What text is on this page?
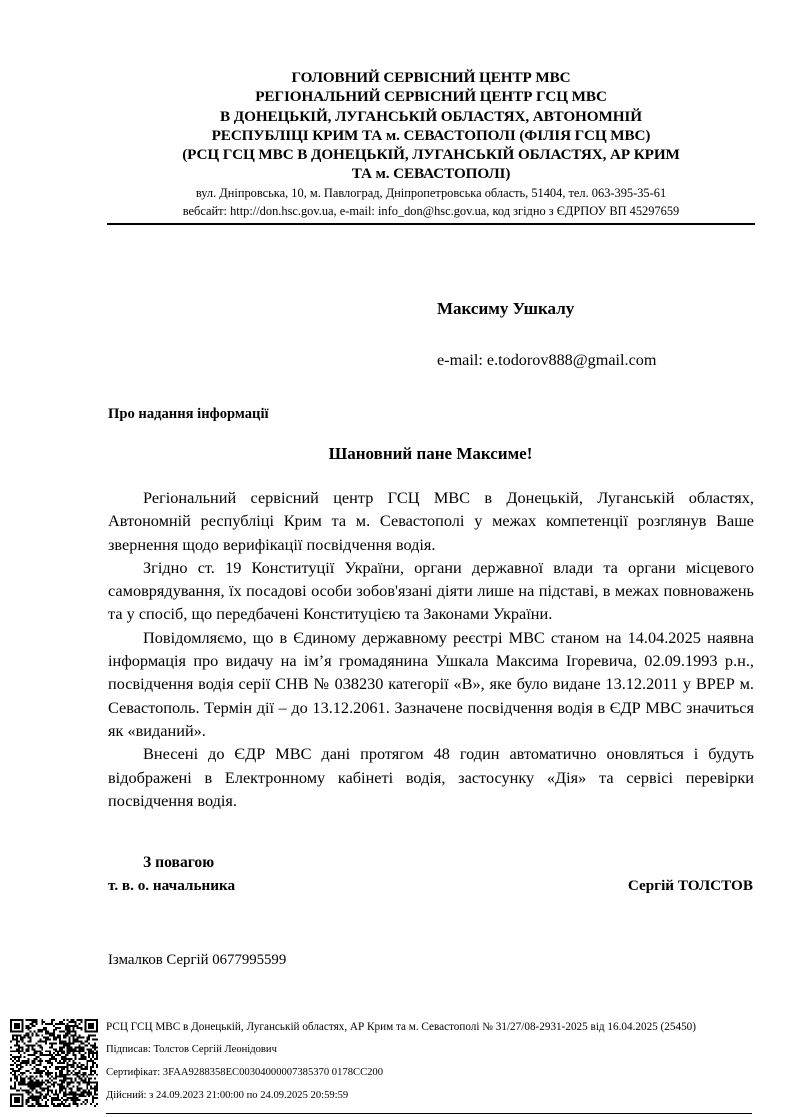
ГОЛОВНИЙ СЕРВІСНИЙ ЦЕНТР МВС
РЕГІОНАЛЬНИЙ СЕРВІСНИЙ ЦЕНТР ГСЦ МВС
В ДОНЕЦЬКІЙ, ЛУГАНСЬКІЙ ОБЛАСТЯХ, АВТОНОМНІЙ
РЕСПУБЛІЦІ КРИМ ТА м. СЕВАСТОПОЛІ (ФІЛІЯ ГСЦ МВС)
(РСЦ ГСЦ МВС В ДОНЕЦЬКІЙ, ЛУГАНСЬКІЙ ОБЛАСТЯХ, АР КРИМ
ТА м. СЕВАСТОПОЛІ)
вул. Дніпровська, 10, м. Павлоград, Дніпропетровська область, 51404, тел. 063-395-35-61
вебсайт: http://don.hsc.gov.ua, e-mail: info_don@hsc.gov.ua, код згідно з ЄДРПОУ ВП 45297659
Максиму Ушкалу
e-mail: e.todorov888@gmail.com
Про надання інформації
Шановний пане Максиме!

Регіональний сервісний центр ГСЦ МВС в Донецькій, Луганській областях, Автономній республіці Крим та м. Севастополі у межах компетенції розглянув Ваше звернення щодо верифікації посвідчення водія.

Згідно ст. 19 Конституції України, органи державної влади та органи місцевого самоврядування, їх посадові особи зобов'язані діяти лише на підставі, в межах повноважень та у спосіб, що передбачені Конституцією та Законами України.

Повідомляємо, що в Єдиному державному реєстрі МВС станом на 14.04.2025 наявна інформація про видачу на ім’я громадянина Ушкала Максима Ігоревича, 02.09.1993 р.н., посвідчення водія серії СНВ № 038230 категорії «В», яке було видане 13.12.2011 у ВРЕР м. Севастополь. Термін дії – до 13.12.2061. Зазначене посвідчення водія в ЄДР МВС значиться як «виданий».

Внесені до ЄДР МВС дані протягом 48 годин автоматично оновляться і будуть відображені в Електронному кабінеті водія, застосунку «Дія» та сервісі перевірки посвідчення водія.

З повагою
т. в. о. начальника	Сергій ТОЛСТОВ
Ізмалков Сергій 0677995599

РСЦ ГСЦ МВС в Донецькій, Луганській областях, АР Крим та м. Севастополі № 31/27/08-2931-2025 від 16.04.2025 (25450)

Підписав: Толстов Сергій Леонідович

Сертифікат: 3FAA9288358EC00304000007385370 0178CC200

Дійсний: з 24.09.2023 21:00:00 по 24.09.2025 20:59:59
